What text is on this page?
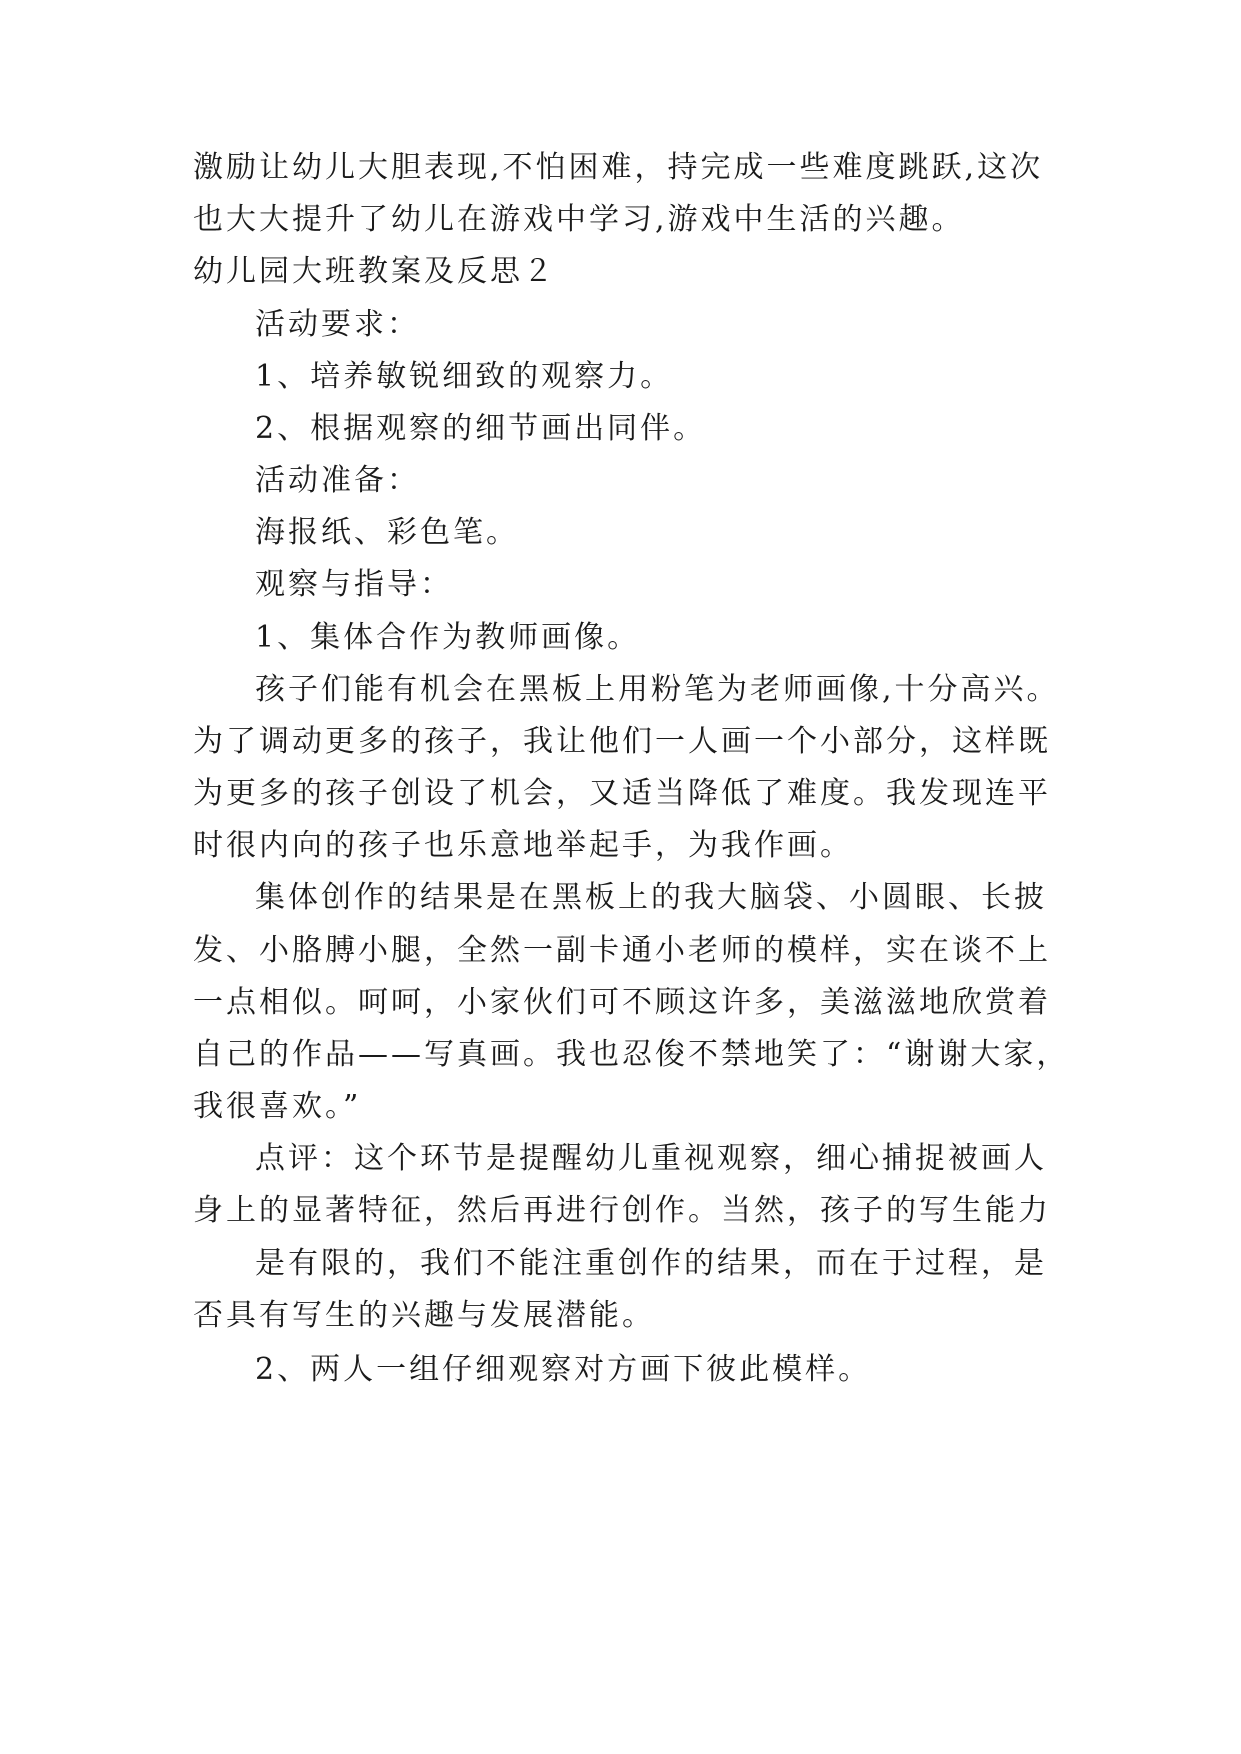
激励让幼儿大胆表现,不怕困难，持完成一些难度跳跃,这次
也大大提升了幼儿在游戏中学习,游戏中生活的兴趣。
幼儿园大班教案及反思２
活动要求：
1、培养敏锐细致的观察力。
2、根据观察的细节画出同伴。
活动准备：
海报纸、彩色笔。
观察与指导：
1、集体合作为教师画像。
孩子们能有机会在黑板上用粉笔为老师画像,十分高兴。
为了调动更多的孩子，我让他们一人画一个小部分，这样既
为更多的孩子创设了机会，又适当降低了难度。我发现连平
时很内向的孩子也乐意地举起手，为我作画。
集体创作的结果是在黑板上的我大脑袋、小圆眼、长披
发、小胳膊小腿，全然一副卡通小老师的模样，实在谈不上
一点相似。呵呵，小家伙们可不顾这许多，美滋滋地欣赏着
自己的作品——写真画。我也忍俊不禁地笑了：“谢谢大家，
我很喜欢。”
点评：这个环节是提醒幼儿重视观察，细心捕捉被画人
身上的显著特征，然后再进行创作。当然，孩子的写生能力
是有限的，我们不能注重创作的结果，而在于过程，是
否具有写生的兴趣与发展潜能。
2、两人一组仔细观察对方画下彼此模样。
